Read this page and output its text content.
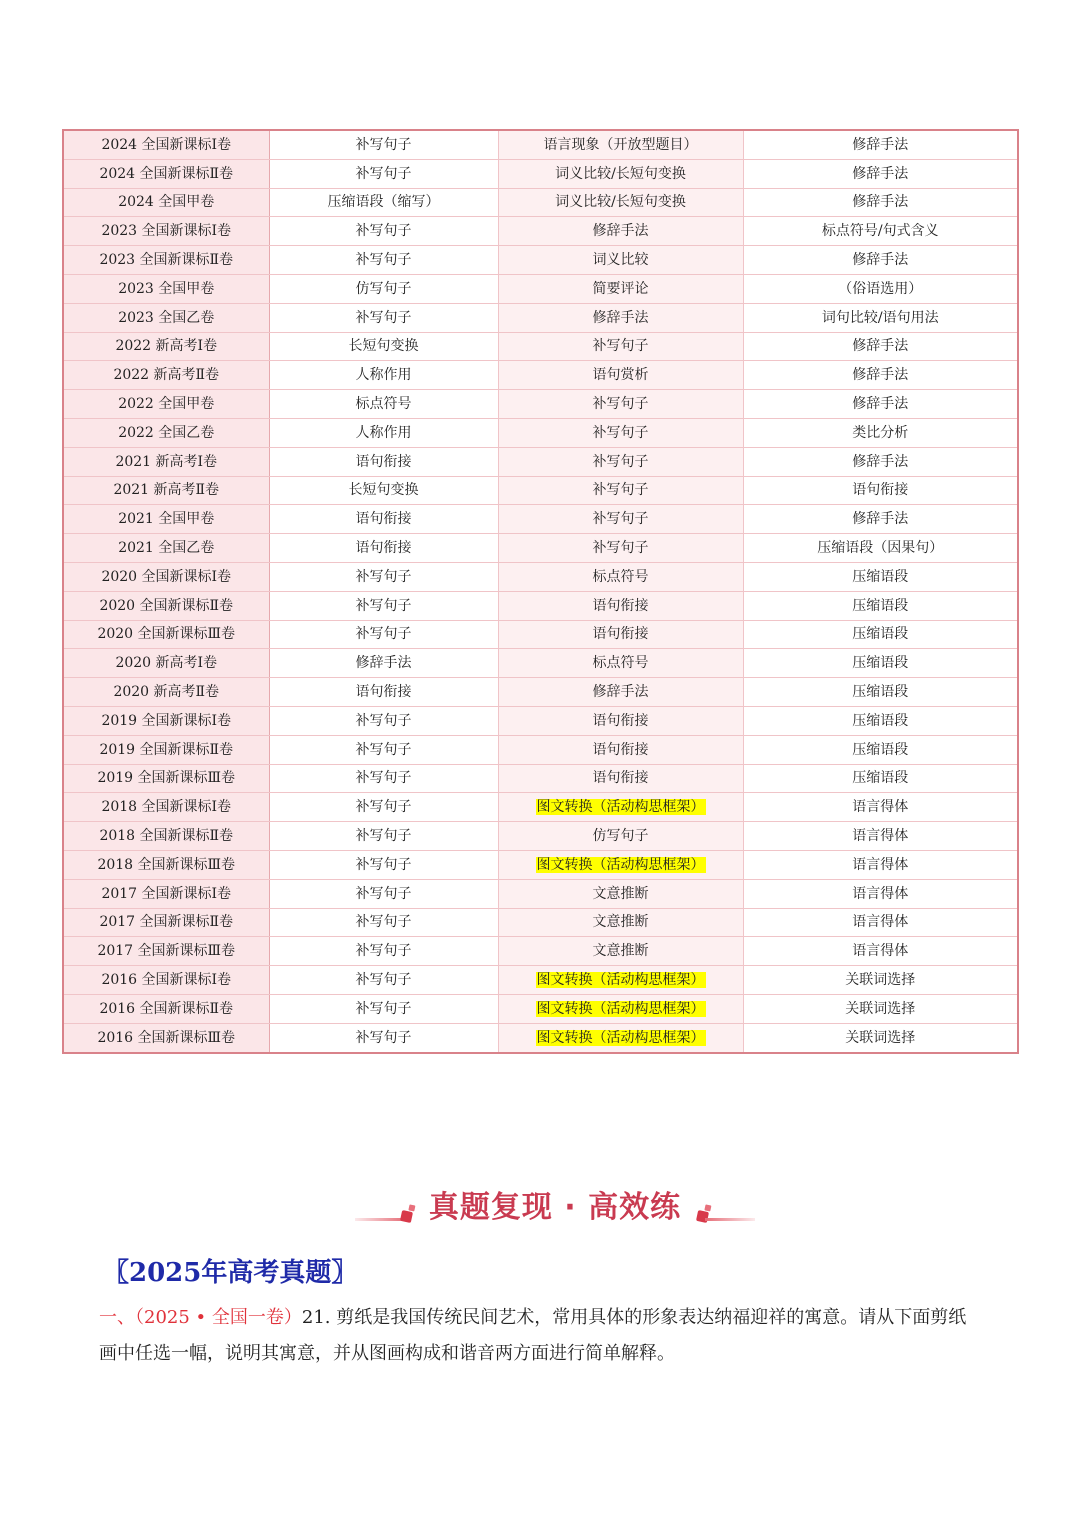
2024 全国新课标Ⅰ卷	补写句子	语言现象（开放型题目）	修辞手法
2024 全国新课标Ⅱ卷	补写句子	词义比较/长短句变换	修辞手法
2024 全国甲卷	压缩语段（缩写）	词义比较/长短句变换	修辞手法
2023 全国新课标Ⅰ卷	补写句子	修辞手法	标点符号/句式含义
2023 全国新课标Ⅱ卷	补写句子	词义比较	修辞手法
2023 全国甲卷	仿写句子	简要评论	（俗语选用）
2023 全国乙卷	补写句子	修辞手法	词句比较/语句用法
2022 新高考Ⅰ卷	长短句变换	补写句子	修辞手法
2022 新高考Ⅱ卷	人称作用	语句赏析	修辞手法
2022 全国甲卷	标点符号	补写句子	修辞手法
2022 全国乙卷	人称作用	补写句子	类比分析
2021 新高考Ⅰ卷	语句衔接	补写句子	修辞手法
2021 新高考Ⅱ卷	长短句变换	补写句子	语句衔接
2021 全国甲卷	语句衔接	补写句子	修辞手法
2021 全国乙卷	语句衔接	补写句子	压缩语段（因果句）
2020 全国新课标Ⅰ卷	补写句子	标点符号	压缩语段
2020 全国新课标Ⅱ卷	补写句子	语句衔接	压缩语段
2020 全国新课标Ⅲ卷	补写句子	语句衔接	压缩语段
2020 新高考Ⅰ卷	修辞手法	标点符号	压缩语段
2020 新高考Ⅱ卷	语句衔接	修辞手法	压缩语段
2019 全国新课标Ⅰ卷	补写句子	语句衔接	压缩语段
2019 全国新课标Ⅱ卷	补写句子	语句衔接	压缩语段
2019 全国新课标Ⅲ卷	补写句子	语句衔接	压缩语段
2018 全国新课标Ⅰ卷	补写句子	图文转换（活动构思框架）	语言得体
2018 全国新课标Ⅱ卷	补写句子	仿写句子	语言得体
2018 全国新课标Ⅲ卷	补写句子	图文转换（活动构思框架）	语言得体
2017 全国新课标Ⅰ卷	补写句子	文意推断	语言得体
2017 全国新课标Ⅱ卷	补写句子	文意推断	语言得体
2017 全国新课标Ⅲ卷	补写句子	文意推断	语言得体
2016 全国新课标Ⅰ卷	补写句子	图文转换（活动构思框架）	关联词选择
2016 全国新课标Ⅱ卷	补写句子	图文转换（活动构思框架）	关联词选择
2016 全国新课标Ⅲ卷	补写句子	图文转换（活动构思框架）	关联词选择
真题复现 · 高效练
〖2025年高考真题〗

一、（2025 • 全国一卷）21. 剪纸是我国传统民间艺术，常用具体的形象表达纳福迎祥的寓意。请从下面剪纸画中任选一幅，说明其寓意，并从图画构成和谐音两方面进行简单解释。
